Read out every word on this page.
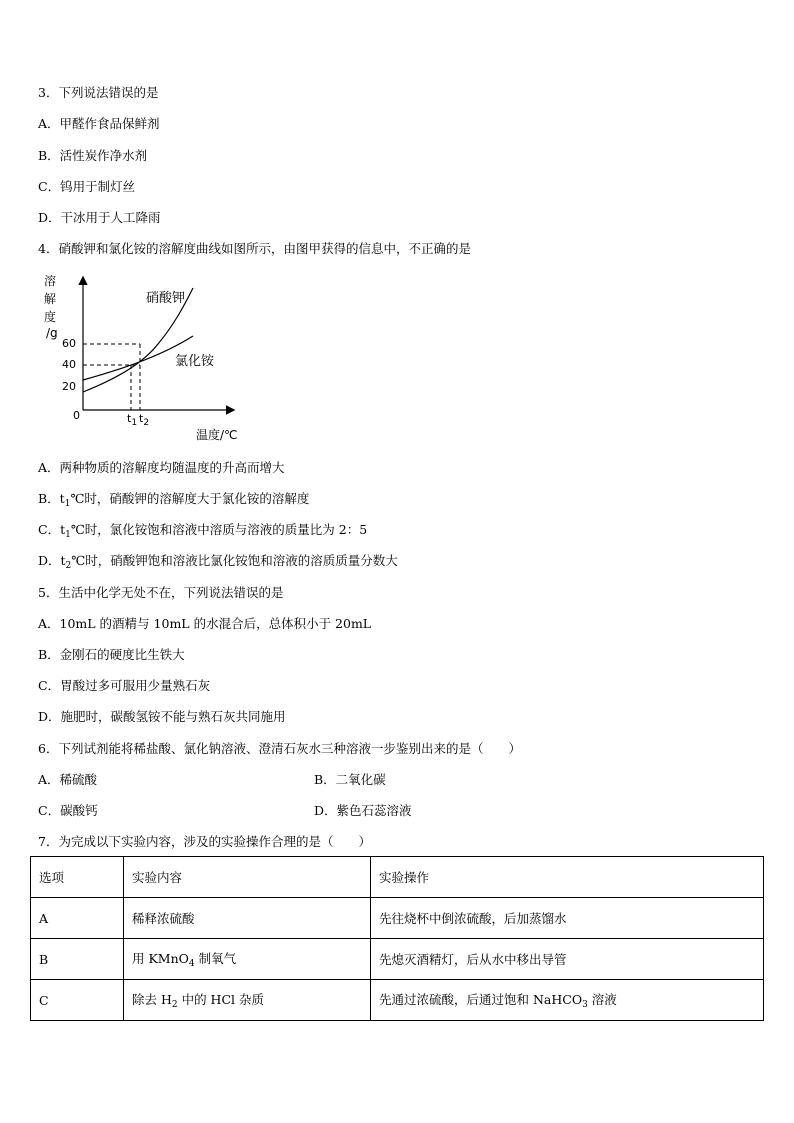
3．下列说法错误的是
A．甲醛作食品保鲜剂
B．活性炭作净水剂
C．钨用于制灯丝
D．干冰用于人工降雨
4．硝酸钾和氯化铵的溶解度曲线如图所示，由图甲获得的信息中，不正确的是
溶
解
度
/g
60
40
20
0	$t_1$ $t_2$
温度/℃
硝酸钾
氯化铵
A．两种物质的溶解度均随温度的升高而增大
B．$t_1℃$时，硝酸钾的溶解度大于氯化铵的溶解度
C．$t_1℃$时，氯化铵饱和溶液中溶质与溶液的质量比为 2：5
D．$t_2℃$时，硝酸钾饱和溶液比氯化铵饱和溶液的溶质质量分数大
5．生活中化学无处不在，下列说法错误的是
A．10mL 的酒精与 10mL 的水混合后，总体积小于 20mL
B．金刚石的硬度比生铁大
C．胃酸过多可服用少量熟石灰
D．施肥时，碳酸氢铵不能与熟石灰共同施用
6．下列试剂能将稀盐酸、氯化钠溶液、澄清石灰水三种溶液一步鉴别出来的是（　　）
A．稀硫酸	B．二氧化碳
C．碳酸钙	D．紫色石蕊溶液
7．为完成以下实验内容，涉及的实验操作合理的是（　　）
选项	实验内容	实验操作
A	稀释浓硫酸	先往烧杯中倒浓硫酸，后加蒸馏水
B	用 KMnO$_4$ 制氧气	先熄灭酒精灯，后从水中移出导管
C	除去 $H_2$ 中的 HCl 杂质	先通过浓硫酸，后通过饱和 NaHCO$_3$ 溶液
